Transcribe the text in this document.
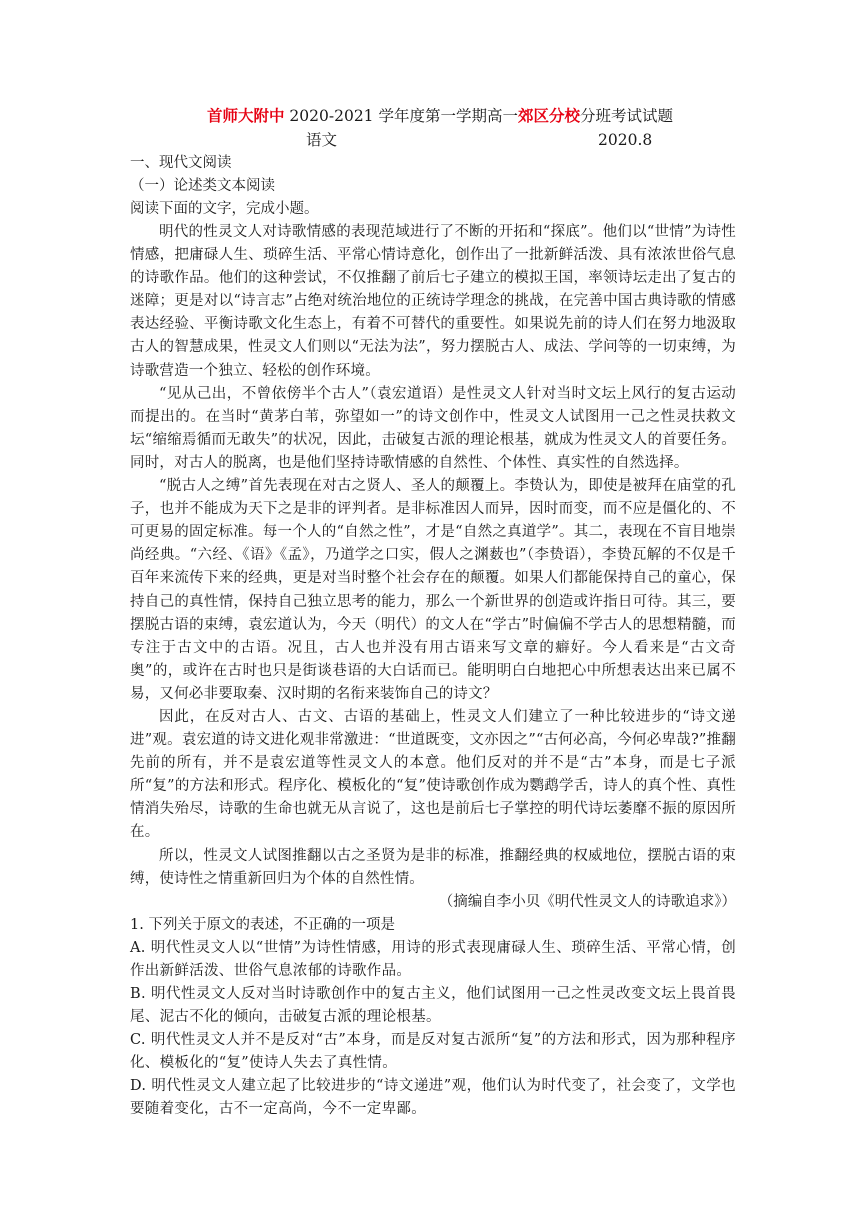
首师大附中 2020-2021 学年度第一学期高一郊区分校分班考试试题

语文	2020.8

一、现代文阅读

（一）论述类文本阅读

阅读下面的文字，完成小题。

明代的性灵文人对诗歌情感的表现范域进行了不断的开拓和“探底”。他们以“世情”为诗性情感，把庸碌人生、琐碎生活、平常心情诗意化，创作出了一批新鲜活泼、具有浓浓世俗气息的诗歌作品。他们的这种尝试，不仅推翻了前后七子建立的模拟王国，率领诗坛走出了复古的迷障；更是对以“诗言志”占绝对统治地位的正统诗学理念的挑战，在完善中国古典诗歌的情感表达经验、平衡诗歌文化生态上，有着不可替代的重要性。如果说先前的诗人们在努力地汲取古人的智慧成果，性灵文人们则以“无法为法”，努力摆脱古人、成法、学问等的一切束缚，为诗歌营造一个独立、轻松的创作环境。

“见从己出，不曾依傍半个古人”（袁宏道语）是性灵文人针对当时文坛上风行的复古运动而提出的。在当时“黄茅白苇，弥望如一”的诗文创作中，性灵文人试图用一己之性灵扶救文坛“缩缩焉循而无敢失”的状况，因此，击破复古派的理论根基，就成为性灵文人的首要任务。同时，对古人的脱离，也是他们坚持诗歌情感的自然性、个体性、真实性的自然选择。

“脱古人之缚”首先表现在对古之贤人、圣人的颠覆上。李贽认为，即使是被拜在庙堂的孔子，也并不能成为天下之是非的评判者。是非标准因人而异，因时而变，而不应是僵化的、不可更易的固定标准。每一个人的“自然之性”，才是“自然之真道学”。其二，表现在不盲目地崇尚经典。“六经、《语》《孟》，乃道学之口实，假人之渊薮也”（李贽语），李贽瓦解的不仅是千百年来流传下来的经典，更是对当时整个社会存在的颠覆。如果人们都能保持自己的童心，保持自己的真性情，保持自己独立思考的能力，那么一个新世界的创造或许指日可待。其三，要摆脱古语的束缚，袁宏道认为，今天（明代）的文人在“学古”时偏偏不学古人的思想精髓，而专注于古文中的古语。况且，古人也并没有用古语来写文章的癖好。今人看来是“古文奇奥”的，或许在古时也只是街谈巷语的大白话而已。能明明白白地把心中所想表达出来已属不易，又何必非要取秦、汉时期的名衔来装饰自己的诗文？

因此，在反对古人、古文、古语的基础上，性灵文人们建立了一种比较进步的“诗文递进”观。袁宏道的诗文进化观非常激进：“世道既变，文亦因之”“古何必高，今何必卑哉?”推翻先前的所有，并不是袁宏道等性灵文人的本意。他们反对的并不是“古”本身，而是七子派所“复”的方法和形式。程序化、模板化的“复”使诗歌创作成为鹦鹉学舌，诗人的真个性、真性情消失殆尽，诗歌的生命也就无从言说了，这也是前后七子掌控的明代诗坛萎靡不振的原因所在。

所以，性灵文人试图推翻以古之圣贤为是非的标准，推翻经典的权威地位，摆脱古语的束缚，使诗性之情重新回归为个体的自然性情。

（摘编自李小贝《明代性灵文人的诗歌追求》）

1. 下列关于原文的表述，不正确的一项是

A. 明代性灵文人以“世情”为诗性情感，用诗的形式表现庸碌人生、琐碎生活、平常心情，创作出新鲜活泼、世俗气息浓郁的诗歌作品。

B. 明代性灵文人反对当时诗歌创作中的复古主义，他们试图用一己之性灵改变文坛上畏首畏尾、泥古不化的倾向，击破复古派的理论根基。

C. 明代性灵文人并不是反对“古”本身，而是反对复古派所“复”的方法和形式，因为那种程序化、模板化的“复”使诗人失去了真性情。

D. 明代性灵文人建立起了比较进步的“诗文递进”观，他们认为时代变了，社会变了，文学也要随着变化，古不一定高尚，今不一定卑鄙。
